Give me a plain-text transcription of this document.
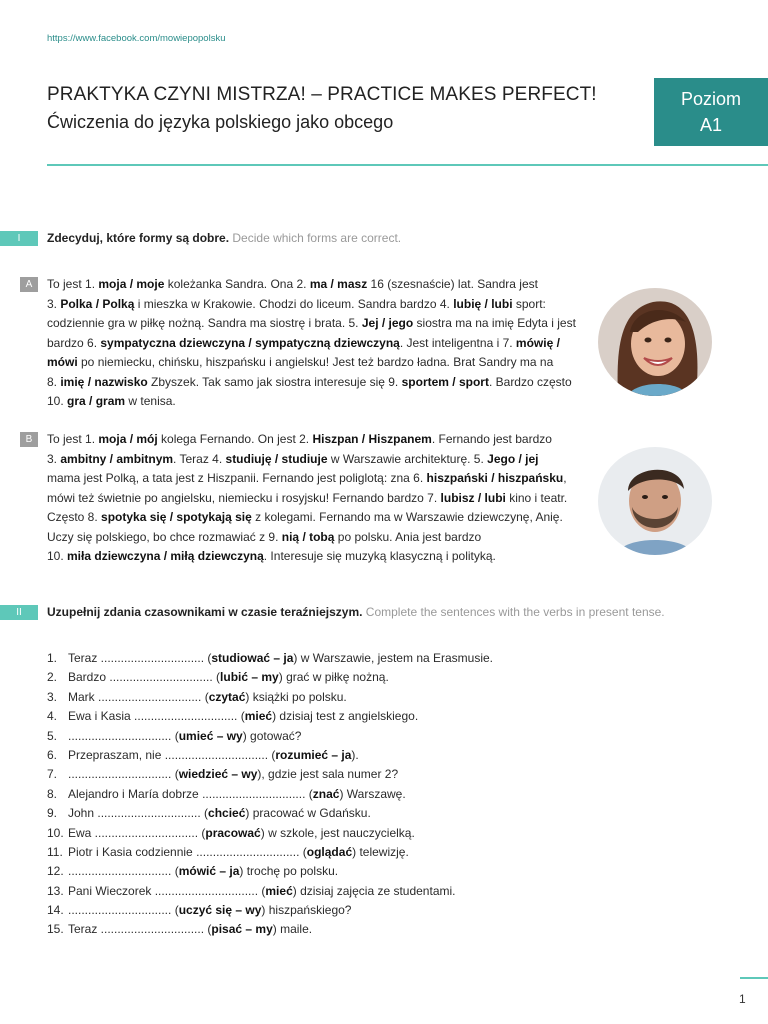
https://www.facebook.com/mowiepopolsku
PRAKTYKA CZYNI MISTRZA! – PRACTICE MAKES PERFECT!
Ćwiczenia do języka polskiego jako obcego
Poziom
A1
I	Zdecyduj, które formy są dobre. Decide which forms are correct.
A	To jest 1. moja / moje koleżanka Sandra. Ona 2. ma / masz 16 (szesnaście) lat. Sandra jest
3. Polka / Polką i mieszka w Krakowie. Chodzi do liceum. Sandra bardzo 4. lubię / lubi sport:
codziennie gra w piłkę nożną. Sandra ma siostrę i brata. 5. Jej / jego siostra ma na imię Edyta i jest
bardzo 6. sympatyczna dziewczyna / sympatyczną dziewczyną. Jest inteligentna i 7. mówię /
mówi po niemiecku, chińsku, hiszpańsku i angielsku! Jest też bardzo ładna. Brat Sandry ma na
8. imię / nazwisko Zbyszek. Tak samo jak siostra interesuje się 9. sportem / sport. Bardzo często
10. gra / gram w tenisa.
B	To jest 1. moja / mój kolega Fernando. On jest 2. Hiszpan / Hiszpanem. Fernando jest bardzo
3. ambitny / ambitnym. Teraz 4. studiuję / studiuje w Warszawie architekturę. 5. Jego / jej
mama jest Polką, a tata jest z Hiszpanii. Fernando jest poliglotą: zna 6. hiszpański / hiszpańsku,
mówi też świetnie po angielsku, niemiecku i rosyjsku! Fernando bardzo 7. lubisz / lubi kino i teatr.
Często 8. spotyka się / spotykają się z kolegami. Fernando ma w Warszawie dziewczynę, Anię.
Uczy się polskiego, bo chce rozmawiać z 9. nią / tobą po polsku. Ania jest bardzo
10. miła dziewczyna / miłą dziewczyną. Interesuje się muzyką klasyczną i polityką.
II	Uzupełnij zdania czasownikami w czasie teraźniejszym. Complete the sentences with the verbs in present tense.
1. Teraz ............................... (studiować – ja) w Warszawie, jestem na Erasmusie.
2. Bardzo ............................... (lubić – my) grać w piłkę nożną.
3. Mark ............................... (czytać) książki po polsku.
4. Ewa i Kasia ............................... (mieć) dzisiaj test z angielskiego.
5. ............................... (umieć – wy) gotować?
6. Przepraszam, nie ............................... (rozumieć – ja).
7. ............................... (wiedzieć – wy), gdzie jest sala numer 2?
8. Alejandro i María dobrze ............................... (znać) Warszawę.
9. John ............................... (chcieć) pracować w Gdańsku.
10. Ewa ............................... (pracować) w szkole, jest nauczycielką.
11. Piotr i Kasia codziennie ............................... (oglądać) telewizję.
12. ............................... (mówić – ja) trochę po polsku.
13. Pani Wieczorek ............................... (mieć) dzisiaj zajęcia ze studentami.
14. ............................... (uczyć się – wy) hiszpańskiego?
15. Teraz ............................... (pisać – my) maile.
1
